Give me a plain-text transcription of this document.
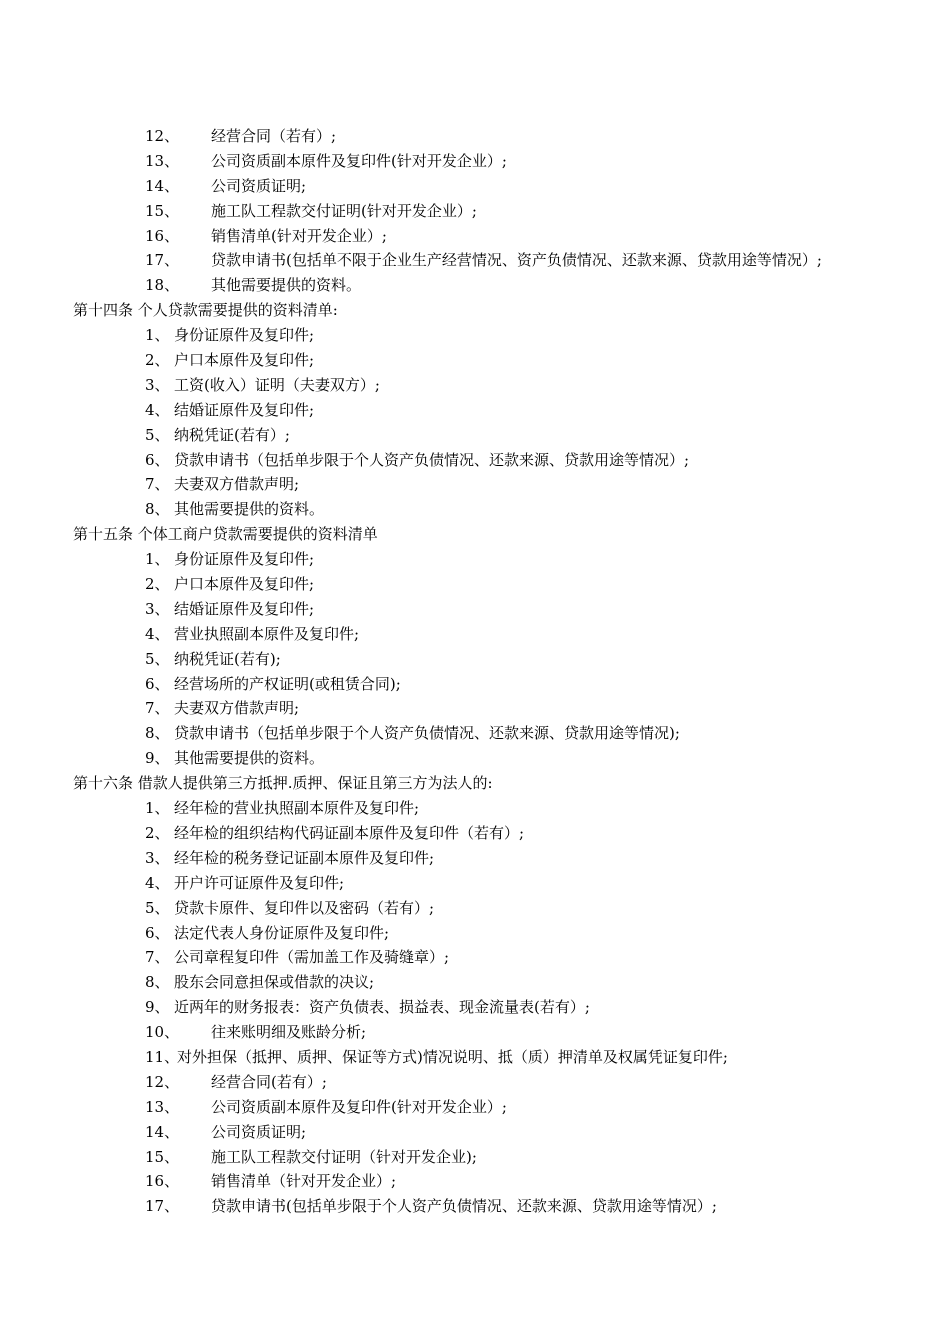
12、 经营合同（若有）;
13、 公司资质副本原件及复印件(针对开发企业）;
14、 公司资质证明;
15、 施工队工程款交付证明(针对开发企业）;
16、 销售清单(针对开发企业）;
17、 贷款申请书(包括单不限于企业生产经营情况、资产负债情况、还款来源、贷款用途等情况）;
18、 其他需要提供的资料。
第十四条 个人贷款需要提供的资料清单:
1、 身份证原件及复印件;
2、 户口本原件及复印件;
3、 工资(收入）证明（夫妻双方）;
4、 结婚证原件及复印件;
5、 纳税凭证(若有）;
6、 贷款申请书（包括单步限于个人资产负债情况、还款来源、贷款用途等情况）;
7、 夫妻双方借款声明;
8、 其他需要提供的资料。
第十五条 个体工商户贷款需要提供的资料清单
1、 身份证原件及复印件;
2、 户口本原件及复印件;
3、 结婚证原件及复印件;
4、 营业执照副本原件及复印件;
5、 纳税凭证(若有);
6、 经营场所的产权证明(或租赁合同);
7、 夫妻双方借款声明;
8、 贷款申请书（包括单步限于个人资产负债情况、还款来源、贷款用途等情况);
9、 其他需要提供的资料。
第十六条 借款人提供第三方抵押.质押、保证且第三方为法人的:
1、 经年检的营业执照副本原件及复印件;
2、 经年检的组织结构代码证副本原件及复印件（若有）;
3、 经年检的税务登记证副本原件及复印件;
4、 开户许可证原件及复印件;
5、 贷款卡原件、复印件以及密码（若有）;
6、 法定代表人身份证原件及复印件;
7、 公司章程复印件（需加盖工作及骑缝章）;
8、 股东会同意担保或借款的决议;
9、 近两年的财务报表：资产负债表、损益表、现金流量表(若有）;
10、 往来账明细及账龄分析;
11、对外担保（抵押、质押、保证等方式)情况说明、抵（质）押清单及权属凭证复印件;
12、 经营合同(若有）;
13、 公司资质副本原件及复印件(针对开发企业）;
14、 公司资质证明;
15、 施工队工程款交付证明（针对开发企业);
16、 销售清单（针对开发企业）;
17、 贷款申请书(包括单步限于个人资产负债情况、还款来源、贷款用途等情况）;
